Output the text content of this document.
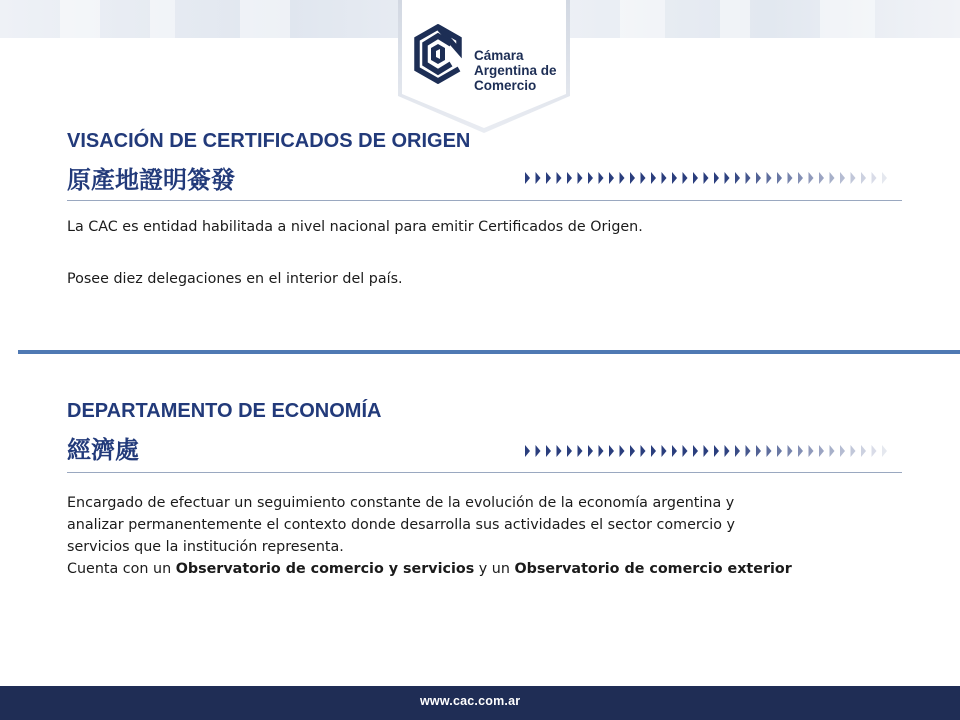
Cámara
Argentina de
Comercio
VISACIÓN DE CERTIFICADOS DE ORIGEN
原產地證明簽發
La CAC es entidad habilitada a nivel nacional para emitir Certificados de Origen.
Posee diez delegaciones en el interior del país.
DEPARTAMENTO DE ECONOMÍA
經濟處
Encargado de efectuar un seguimiento constante de la evolución de la economía argentina y
analizar permanentemente el contexto donde desarrolla sus actividades el sector comercio y
servicios que la institución representa.
Cuenta con un Observatorio de comercio y servicios y un Observatorio de comercio exterior
www.cac.com.ar
